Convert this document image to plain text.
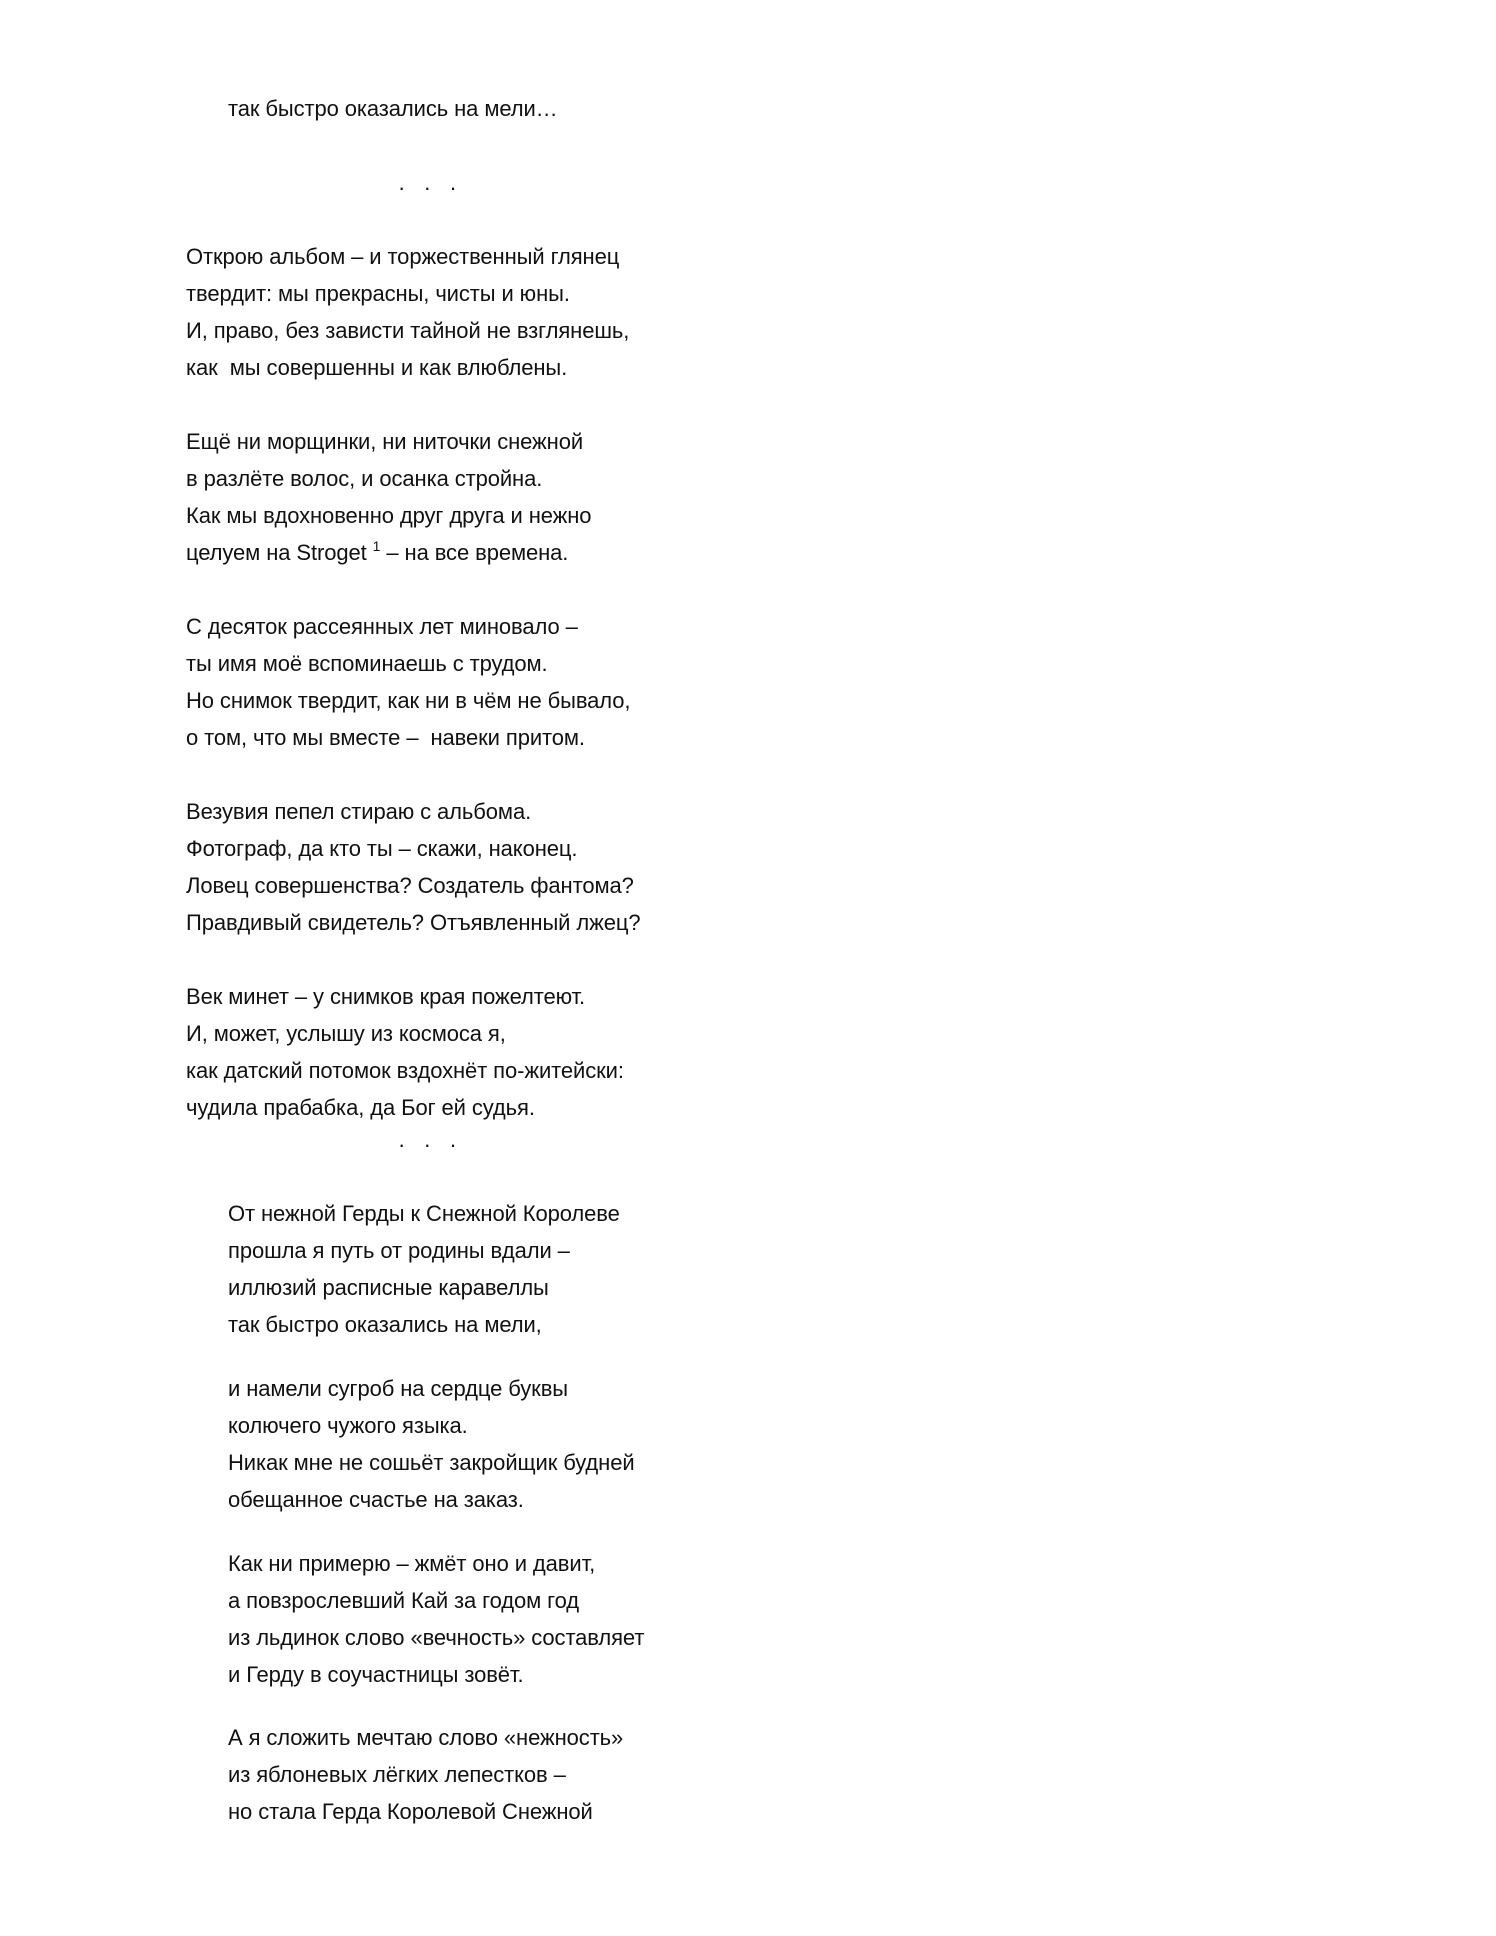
так быстро оказались на мели…
·   ·   ·
Открою альбом – и торжественный глянец
твердит: мы прекрасны, чисты и юны.
И, право, без зависти тайной не взглянешь,
как  мы совершенны и как влюблены.
Ещё ни морщинки, ни ниточки снежной
в разлёте волос, и осанка стройна.
Как мы вдохновенно друг друга и нежно
целуем на Stroget $^1$ – на все времена.
С десяток рассеянных лет миновало –
ты имя моё вспоминаешь с трудом.
Но снимок твердит, как ни в чём не бывало,
о том, что мы вместе –  навеки притом.
Везувия пепел стираю с альбома.
Фотограф, да кто ты – скажи, наконец.
Ловец совершенства? Создатель фантома?
Правдивый свидетель? Отъявленный лжец?
Век минет – у снимков края пожелтеют.
И, может, услышу из космоса я,
как датский потомок вздохнёт по-житейски:
чудила прабабка, да Бог ей судья.
·   ·   ·
От нежной Герды к Снежной Королеве
прошла я путь от родины вдали –
иллюзий расписные каравеллы
так быстро оказались на мели,
и намели сугроб на сердце буквы
колючего чужого языка.
Никак мне не сошьёт закройщик будней
обещанное счастье на заказ.
Как ни примерю – жмёт оно и давит,
а повзрослевший Кай за годом год
из льдинок слово «вечность» составляет
и Герду в соучастницы зовёт.
А я сложить мечтаю слово «нежность»
из яблоневых лёгких лепестков –
но стала Герда Королевой Снежной
